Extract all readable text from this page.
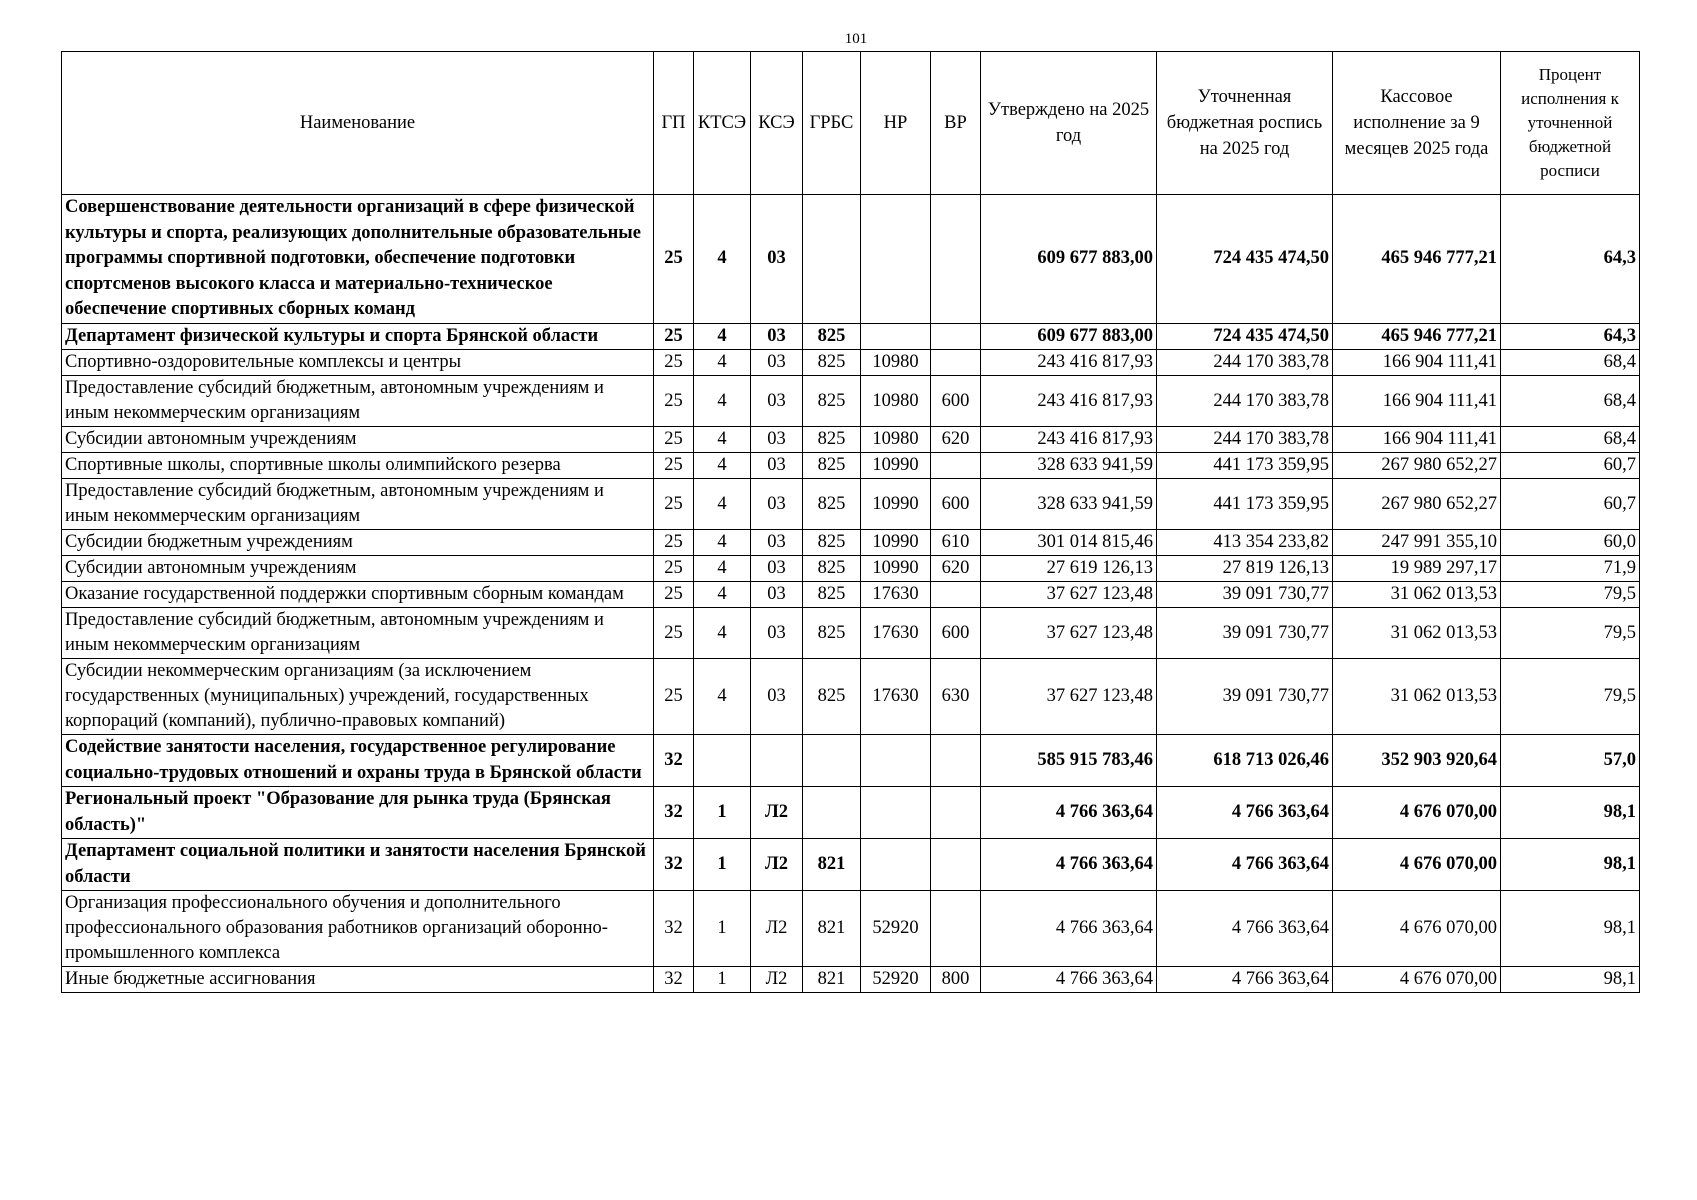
101
Наименование	ГП	КТСЭ	КСЭ	ГРБС	НР	ВР	Утверждено на 2025 год	Уточненная бюджетная роспись на 2025 год	Кассовое исполнение за 9 месяцев 2025 года	Процент исполнения к уточненной бюджетной росписи
Совершенствование деятельности организаций в сфере физической культуры и спорта, реализующих дополнительные образовательные программы спортивной подготовки, обеспечение подготовки спортсменов высокого класса и материально-техническое обеспечение спортивных сборных команд	25	4	03				609 677 883,00	724 435 474,50	465 946 777,21	64,3
Департамент физической культуры и спорта Брянской области	25	4	03	825			609 677 883,00	724 435 474,50	465 946 777,21	64,3
Спортивно-оздоровительные комплексы и центры	25	4	03	825	10980		243 416 817,93	244 170 383,78	166 904 111,41	68,4
Предоставление субсидий бюджетным, автономным учреждениям и иным некоммерческим организациям	25	4	03	825	10980	600	243 416 817,93	244 170 383,78	166 904 111,41	68,4
Субсидии автономным учреждениям	25	4	03	825	10980	620	243 416 817,93	244 170 383,78	166 904 111,41	68,4
Спортивные школы, спортивные школы олимпийского резерва	25	4	03	825	10990		328 633 941,59	441 173 359,95	267 980 652,27	60,7
Предоставление субсидий бюджетным, автономным учреждениям и иным некоммерческим организациям	25	4	03	825	10990	600	328 633 941,59	441 173 359,95	267 980 652,27	60,7
Субсидии бюджетным учреждениям	25	4	03	825	10990	610	301 014 815,46	413 354 233,82	247 991 355,10	60,0
Субсидии автономным учреждениям	25	4	03	825	10990	620	27 619 126,13	27 819 126,13	19 989 297,17	71,9
Оказание государственной поддержки спортивным сборным командам	25	4	03	825	17630		37 627 123,48	39 091 730,77	31 062 013,53	79,5
Предоставление субсидий бюджетным, автономным учреждениям и иным некоммерческим организациям	25	4	03	825	17630	600	37 627 123,48	39 091 730,77	31 062 013,53	79,5
Субсидии некоммерческим организациям (за исключением государственных (муниципальных) учреждений, государственных корпораций (компаний), публично-правовых компаний)	25	4	03	825	17630	630	37 627 123,48	39 091 730,77	31 062 013,53	79,5
Содействие занятости населения, государственное регулирование социально-трудовых отношений и охраны труда в Брянской области	32						585 915 783,46	618 713 026,46	352 903 920,64	57,0
Региональный проект "Образование для рынка труда (Брянская область)"	32	1	Л2				4 766 363,64	4 766 363,64	4 676 070,00	98,1
Департамент социальной политики и занятости населения Брянской области	32	1	Л2	821			4 766 363,64	4 766 363,64	4 676 070,00	98,1
Организация профессионального обучения и дополнительного профессионального образования работников организаций оборонно-промышленного комплекса	32	1	Л2	821	52920		4 766 363,64	4 766 363,64	4 676 070,00	98,1
Иные бюджетные ассигнования	32	1	Л2	821	52920	800	4 766 363,64	4 766 363,64	4 676 070,00	98,1
